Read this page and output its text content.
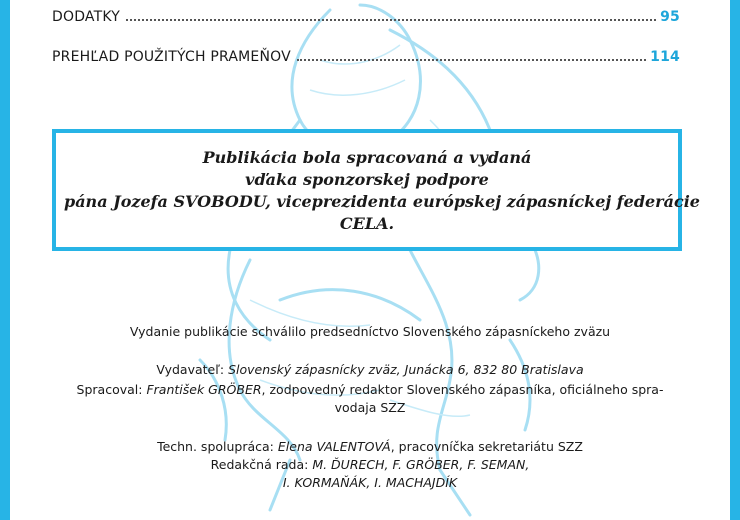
DODATKY	95
PREHĽAD POUŽITÝCH PRAMEŇOV	114
Publikácia bola spracovaná a vydaná
vďaka sponzorskej podpore
pána Jozefa SVOBODU, viceprezidenta európskej zápasníckej federácie
CELA.
Vydanie publikácie schválilo predsedníctvo Slovenského zápasníckeho zväzu
Vydavateľ: Slovenský zápasnícky zväz, Junácka 6, 832 80 Bratislava
Spracoval: František GRÖBER, zodpovedný redaktor Slovenského zápasníka, oficiálneho spra-
vodaja SZZ
Techn. spolupráca: Elena VALENTOVÁ, pracovníčka sekretariátu SZZ
Redakčná rada: M. ĎURECH, F. GRÖBER, F. SEMAN,
I. KORMAŇÁK, I. MACHAJDÍK
